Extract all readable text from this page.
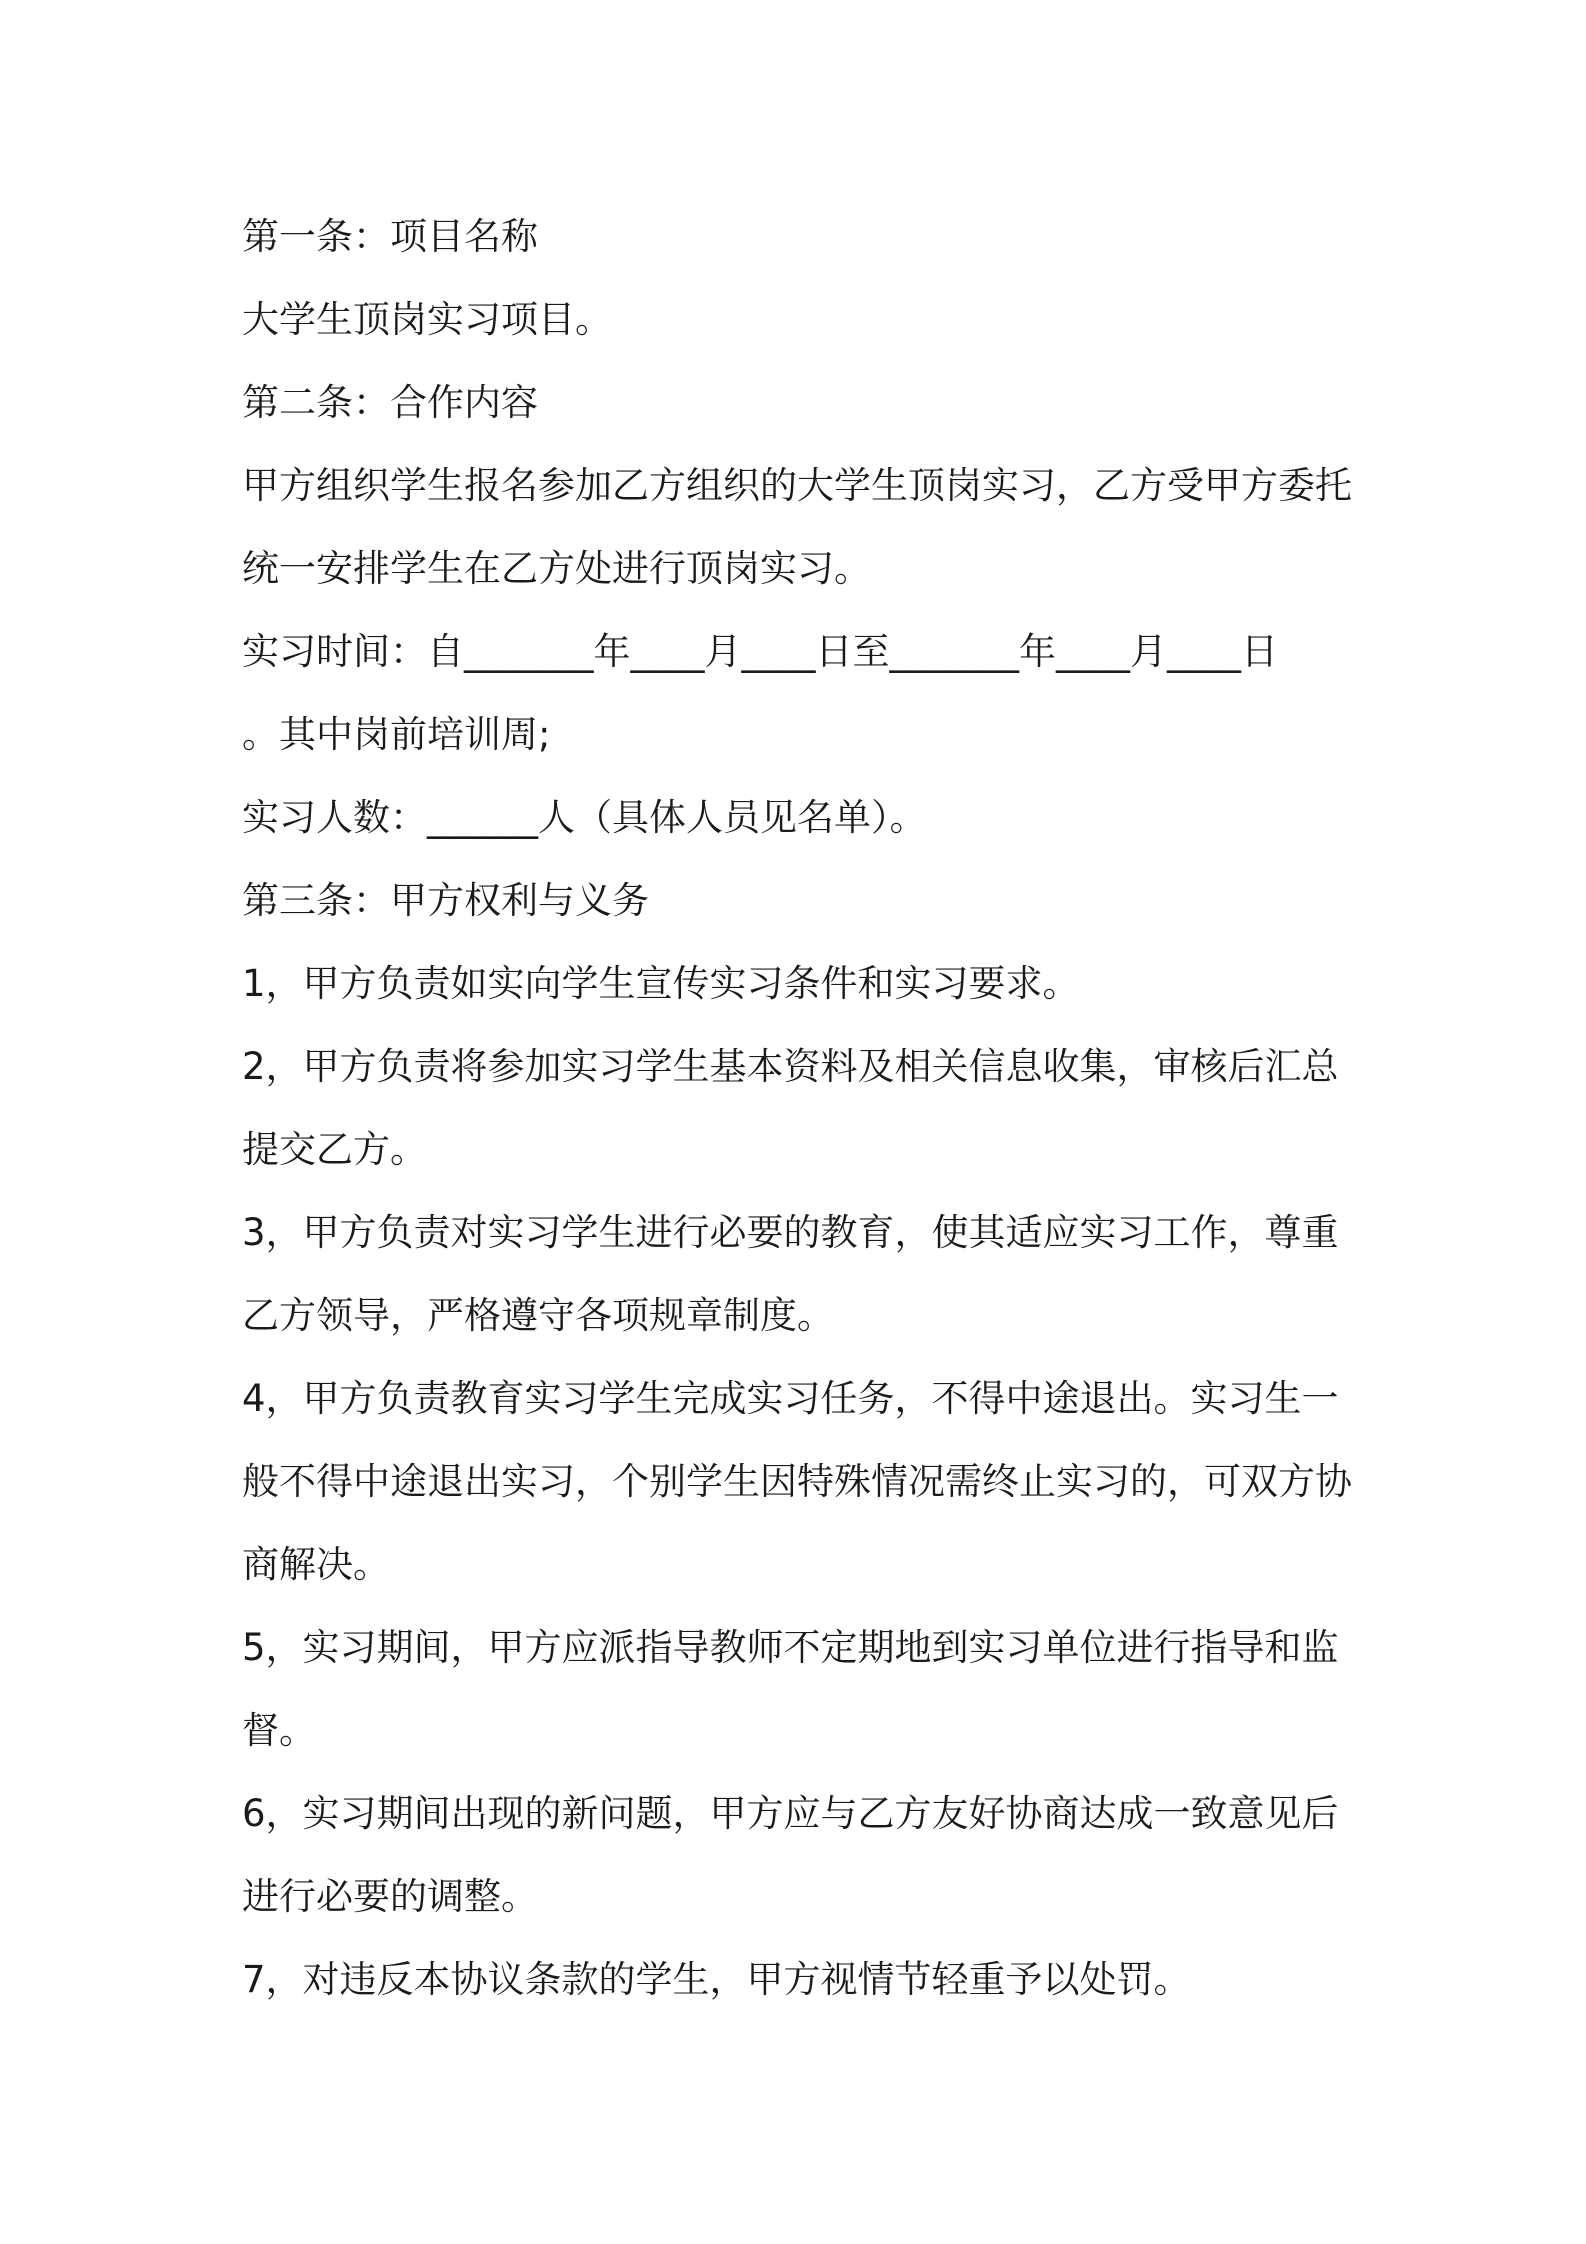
第一条：项目名称
大学生顶岗实习项目。
第二条：合作内容
甲方组织学生报名参加乙方组织的大学生顶岗实习，乙方受甲方委托
统一安排学生在乙方处进行顶岗实习。
实习时间：自_______年____月____日至_______年____月____日
。其中岗前培训周;
实习人数：______人（具体人员见名单）。
第三条：甲方权利与义务
1，甲方负责如实向学生宣传实习条件和实习要求。
2，甲方负责将参加实习学生基本资料及相关信息收集，审核后汇总
提交乙方。
3，甲方负责对实习学生进行必要的教育，使其适应实习工作，尊重
乙方领导，严格遵守各项规章制度。
4，甲方负责教育实习学生完成实习任务，不得中途退出。实习生一
般不得中途退出实习，个别学生因特殊情况需终止实习的，可双方协
商解决。
5，实习期间，甲方应派指导教师不定期地到实习单位进行指导和监
督。
6，实习期间出现的新问题，甲方应与乙方友好协商达成一致意见后
进行必要的调整。
7，对违反本协议条款的学生，甲方视情节轻重予以处罚。
